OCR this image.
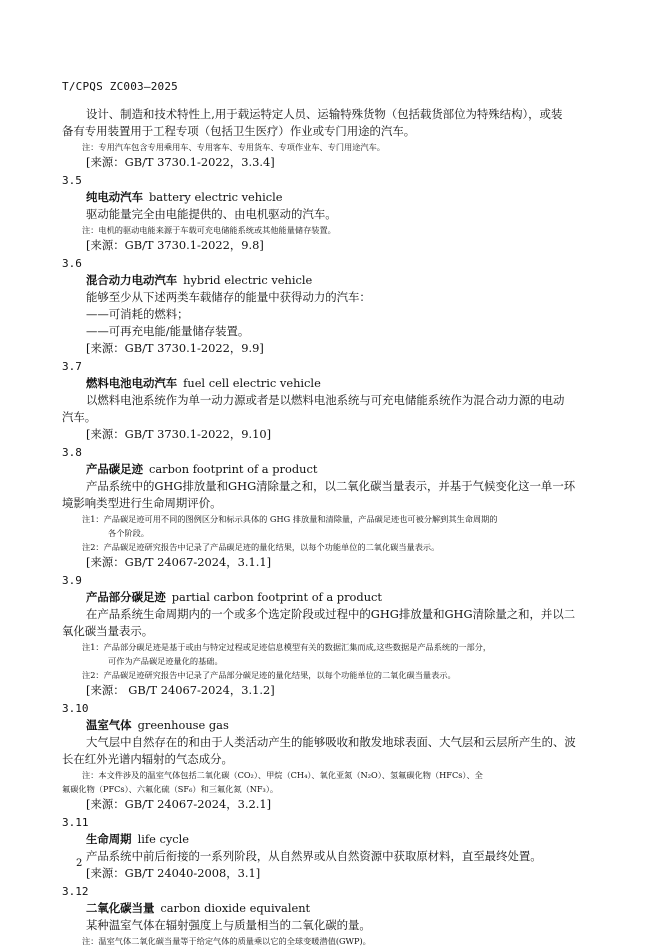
T/CPQS ZC003—2025
设计、制造和技术特性上,用于载运特定人员、运输特殊货物（包括载货部位为特殊结构），或装
备有专用装置用于工程专项（包括卫生医疗）作业或专门用途的汽车。
注：专用汽车包含专用乘用车、专用客车、专用货车、专项作业车、专门用途汽车。
[来源：GB/T 3730.1-2022，3.3.4]
3.5
纯电动汽车 battery electric vehicle
驱动能量完全由电能提供的、由电机驱动的汽车。
注：电机的驱动电能来源于车载可充电储能系统或其他能量储存装置。
[来源：GB/T 3730.1-2022，9.8]
3.6
混合动力电动汽车 hybrid electric vehicle
能够至少从下述两类车载储存的能量中获得动力的汽车：
——可消耗的燃料；
——可再充电能/能量储存装置。
[来源：GB/T 3730.1-2022，9.9]
3.7
燃料电池电动汽车 fuel cell electric vehicle
以燃料电池系统作为单一动力源或者是以燃料电池系统与可充电储能系统作为混合动力源的电动
汽车。
[来源：GB/T 3730.1-2022，9.10]
3.8
产品碳足迹 carbon footprint of a product
产品系统中的GHG排放量和GHG清除量之和，以二氧化碳当量表示，并基于气候变化这一单一环
境影响类型进行生命周期评价。
注1：产品碳足迹可用不同的图例区分和标示具体的 GHG 排放量和清除量，产品碳足迹也可被分解到其生命周期的
各个阶段。
注2：产品碳足迹研究报告中记录了产品碳足迹的量化结果，以每个功能单位的二氧化碳当量表示。
[来源：GB/T 24067-2024，3.1.1]
3.9
产品部分碳足迹 partial carbon footprint of a product
在产品系统生命周期内的一个或多个选定阶段或过程中的GHG排放量和GHG清除量之和，并以二
氧化碳当量表示。
注1：产品部分碳足迹是基于或由与特定过程或足迹信息模型有关的数据汇集而成,这些数据是产品系统的一部分，
可作为产品碳足迹量化的基础。
注2：产品碳足迹研究报告中记录了产品部分碳足迹的量化结果，以每个功能单位的二氧化碳当量表示。
[来源： GB/T 24067-2024，3.1.2]
3.10
温室气体 greenhouse gas
大气层中自然存在的和由于人类活动产生的能够吸收和散发地球表面、大气层和云层所产生的、波
长在红外光谱内辐射的气态成分。
注：本文件涉及的温室气体包括二氧化碳（CO₂）、甲烷（CH₄）、氧化亚氮（N₂O）、氢氟碳化物（HFCs）、全
氟碳化物（PFCs）、六氟化硫（SF₆）和三氟化氮（NF₃）。
[来源：GB/T 24067-2024，3.2.1]
3.11
生命周期 life cycle
产品系统中前后衔接的一系列阶段，从自然界或从自然资源中获取原材料，直至最终处置。
[来源：GB/T 24040-2008，3.1]
3.12
二氧化碳当量 carbon dioxide equivalent
某种温室气体在辐射强度上与质量相当的二氧化碳的量。
注：温室气体二氧化碳当量等于给定气体的质量乘以它的全球变暖潜值(GWP)。
2
